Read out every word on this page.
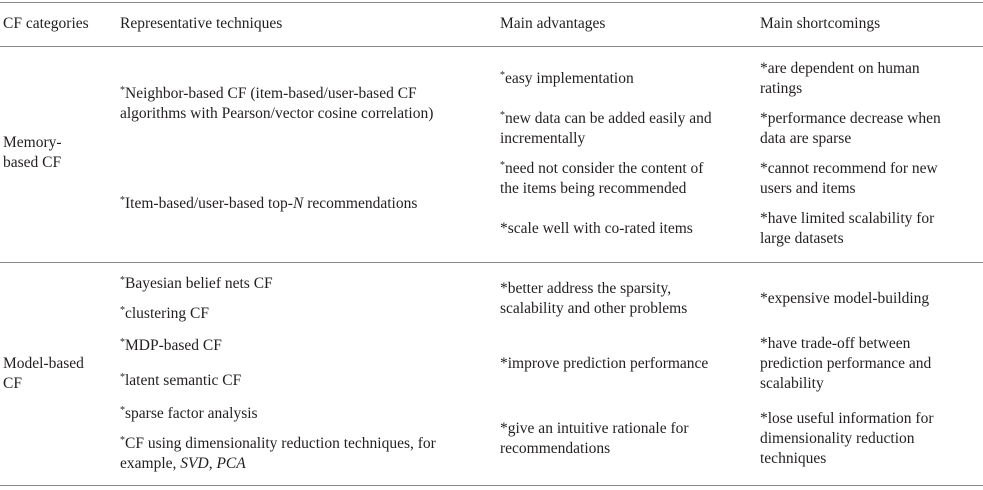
CF categories Representative techniques	Main advantages	Main shortcomings
Memory-
based CF
*Neighbor-based CF (item-based/user-based CF
algorithms with Pearson/vector cosine correlation)
*Item-based/user-based top-N recommendations
*easy implementation
*new data can be added easily and
incrementally
*need not consider the content of
the items being recommended
*scale well with co-rated items
*are dependent on human
ratings
*performance decrease when
data are sparse
*cannot recommend for new
users and items
*have limited scalability for
large datasets
Model-based
CF
*Bayesian belief nets CF
*clustering CF
*MDP-based CF
*latent semantic CF
*sparse factor analysis
*CF using dimensionality reduction techniques, for
example, SVD, PCA
*better address the sparsity,
scalability and other problems
*improve prediction performance
*give an intuitive rationale for
recommendations
*expensive model-building
*have trade-off between
prediction performance and
scalability
*lose useful information for
dimensionality reduction
techniques
